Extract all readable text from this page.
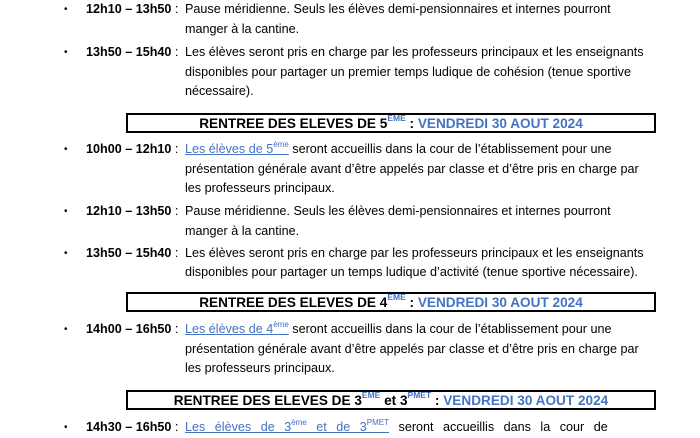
• 12h10 – 13h50 : Pause méridienne. Seuls les élèves demi-pensionnaires et internes pourront
manger à la cantine.
• 13h50 – 15h40 : Les élèves seront pris en charge par les professeurs principaux et les enseignants
disponibles pour partager un premier temps ludique de cohésion (tenue sportive
nécessaire).
RENTREE DES ELEVES DE 5EME : VENDREDI 30 AOUT 2024
• 10h00 – 12h10 : Les élèves de 5ème seront accueillis dans la cour de l’établissement pour une
présentation générale avant d’être appelés par classe et d’être pris en charge par
les professeurs principaux.
• 12h10 – 13h50 : Pause méridienne. Seuls les élèves demi-pensionnaires et internes pourront
manger à la cantine.
• 13h50 – 15h40 : Les élèves seront pris en charge par les professeurs principaux et les enseignants
disponibles pour partager un temps ludique d’activité (tenue sportive nécessaire).
RENTREE DES ELEVES DE 4EME : VENDREDI 30 AOUT 2024
• 14h00 – 16h50 : Les élèves de 4ème seront accueillis dans la cour de l’établissement pour une
présentation générale avant d’être appelés par classe et d’être pris en charge par
les professeurs principaux.
RENTREE DES ELEVES DE 3EME et $3^{PMET}$ : VENDREDI 30 AOUT 2024
• 14h30 – 16h50 : Les élèves de 3ème et de $3^{PMET}$ seront accueillis dans la cour de
